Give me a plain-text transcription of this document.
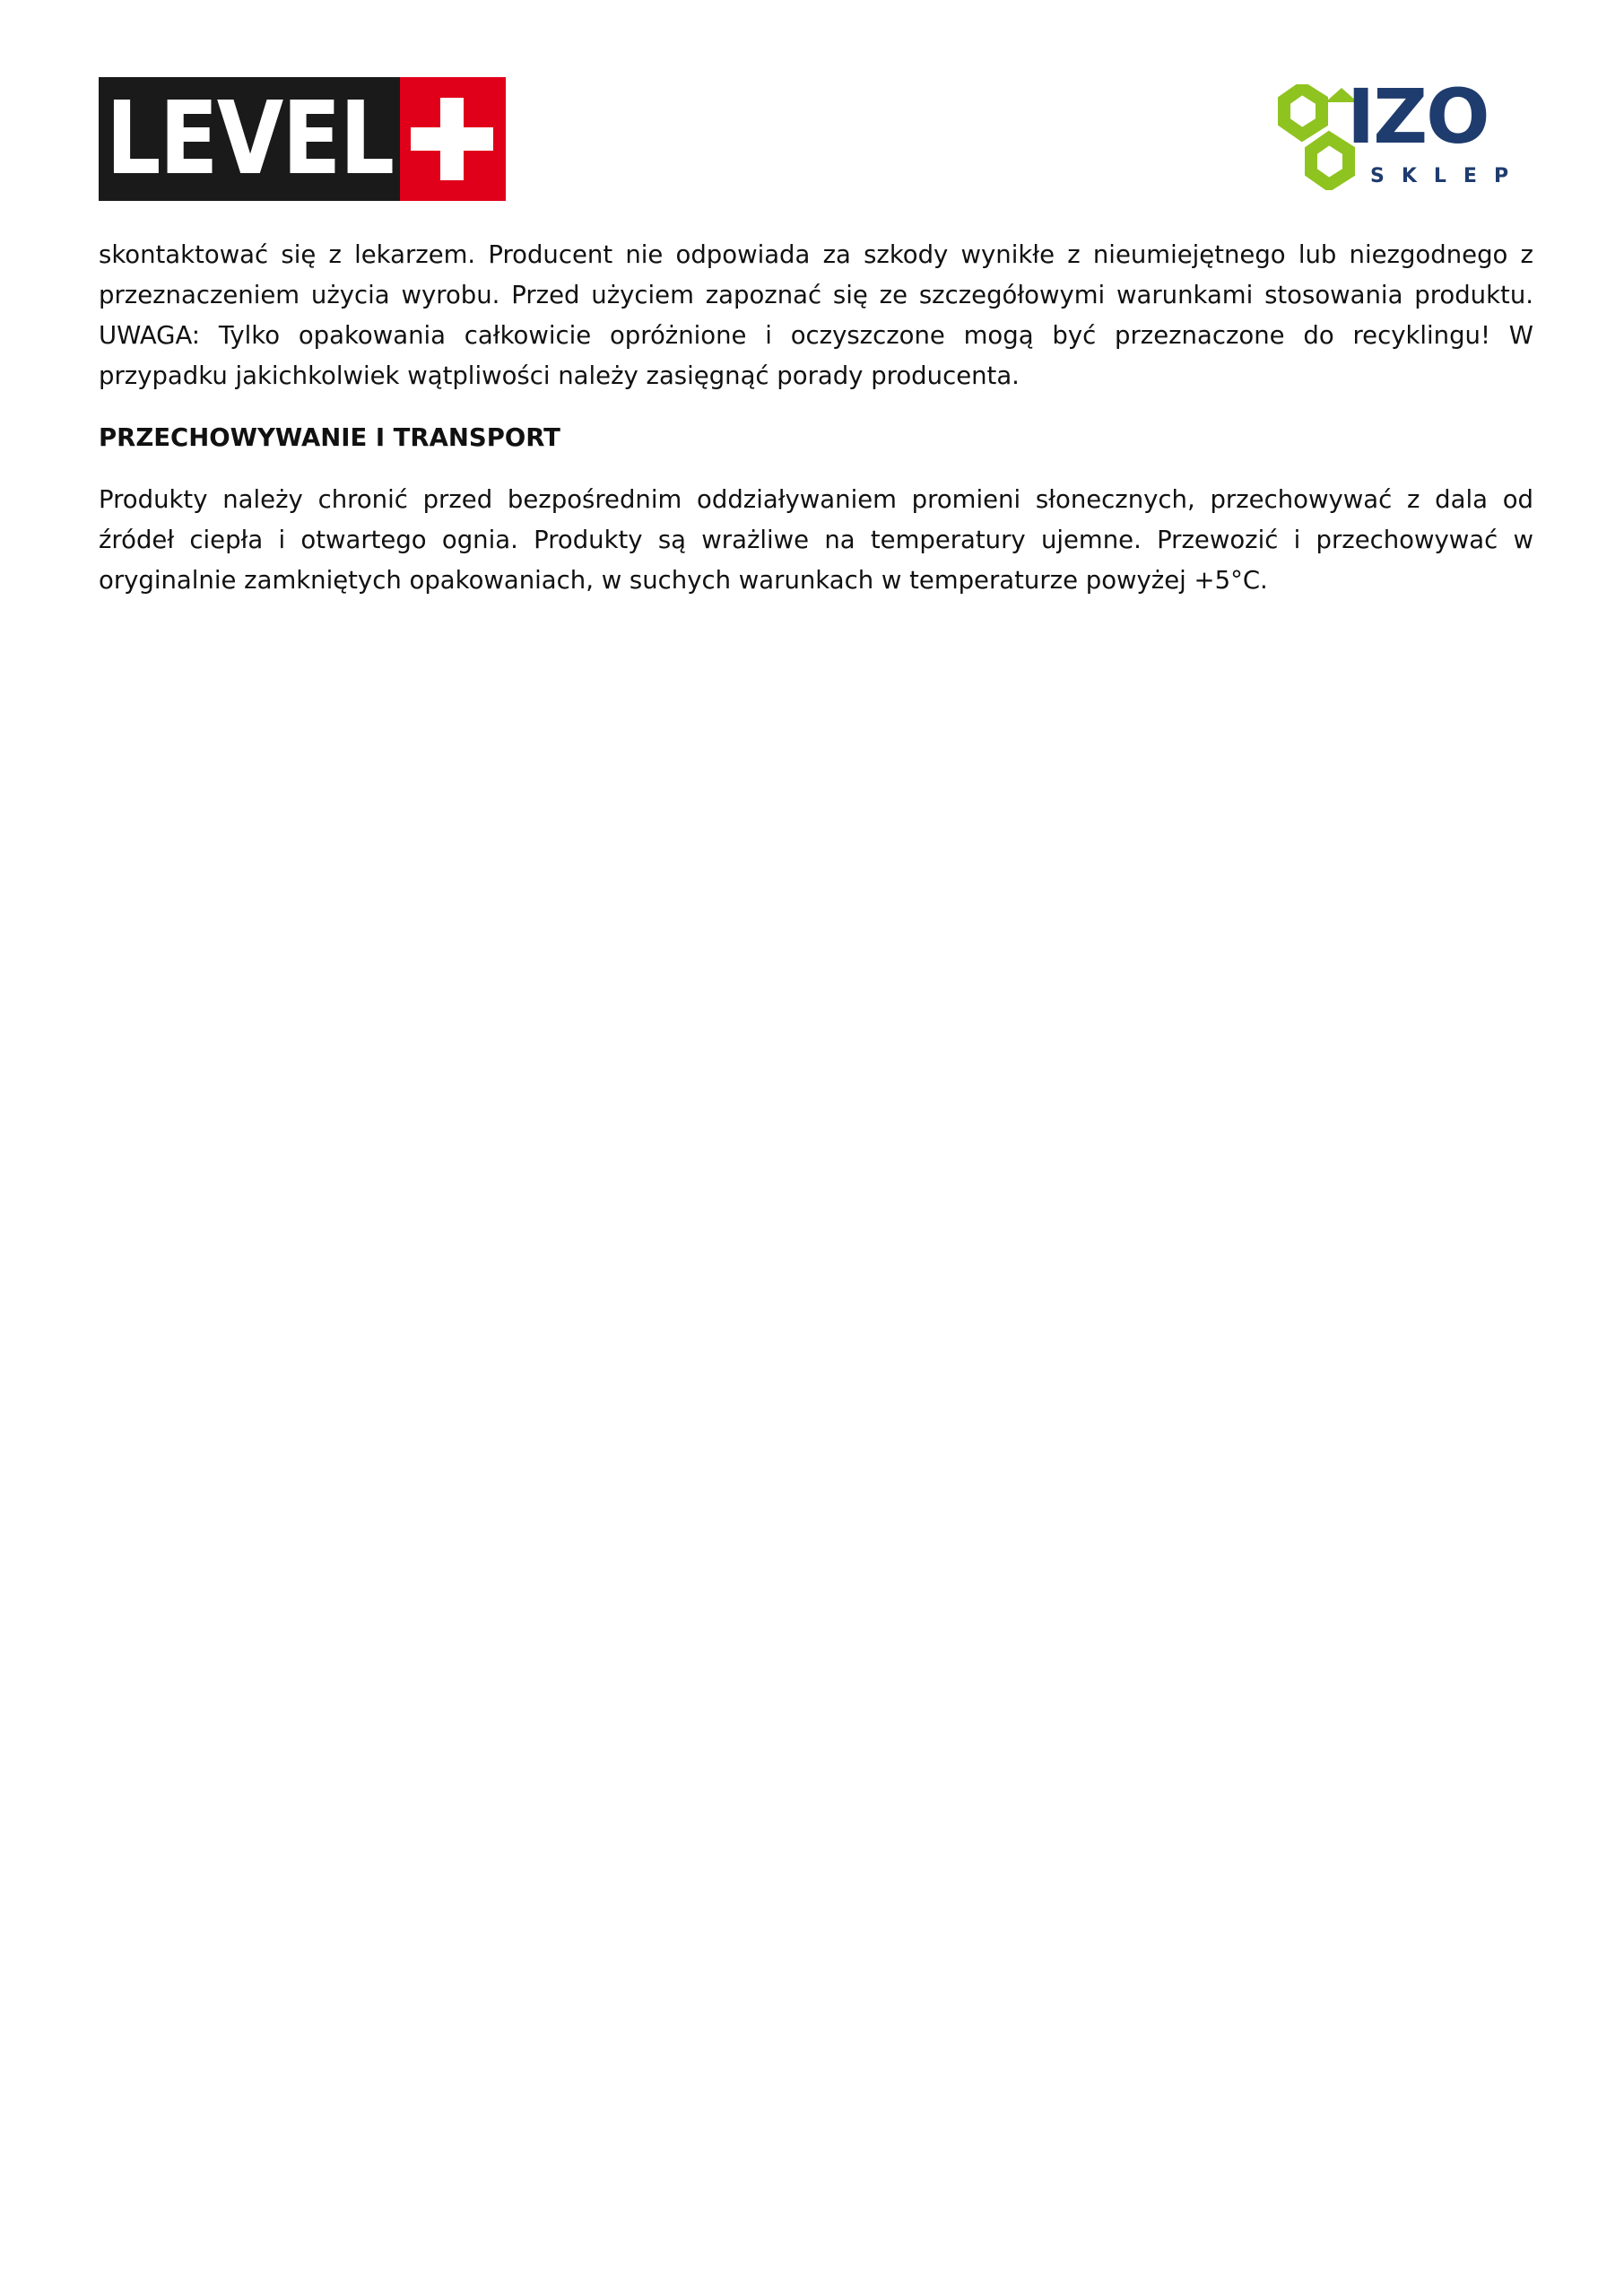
LEVEL	IZO
SKLEP

skontaktować się z lekarzem. Producent nie odpowiada za szkody wynikłe z nieumiejętnego lub niezgodnego z przeznaczeniem użycia wyrobu. Przed użyciem zapoznać się ze szczegółowymi warunkami stosowania produktu. UWAGA: Tylko opakowania całkowicie opróżnione i oczyszczone mogą być przeznaczone do recyklingu! W przypadku jakichkolwiek wątpliwości należy zasięgnąć porady producenta.

PRZECHOWYWANIE I TRANSPORT

Produkty należy chronić przed bezpośrednim oddziaływaniem promieni słonecznych, przechowywać z dala od źródeł ciepła i otwartego ognia. Produkty są wrażliwe na temperatury ujemne. Przewozić i przechowywać w oryginalnie zamkniętych opakowaniach, w suchych warunkach w temperaturze powyżej +5°C.
